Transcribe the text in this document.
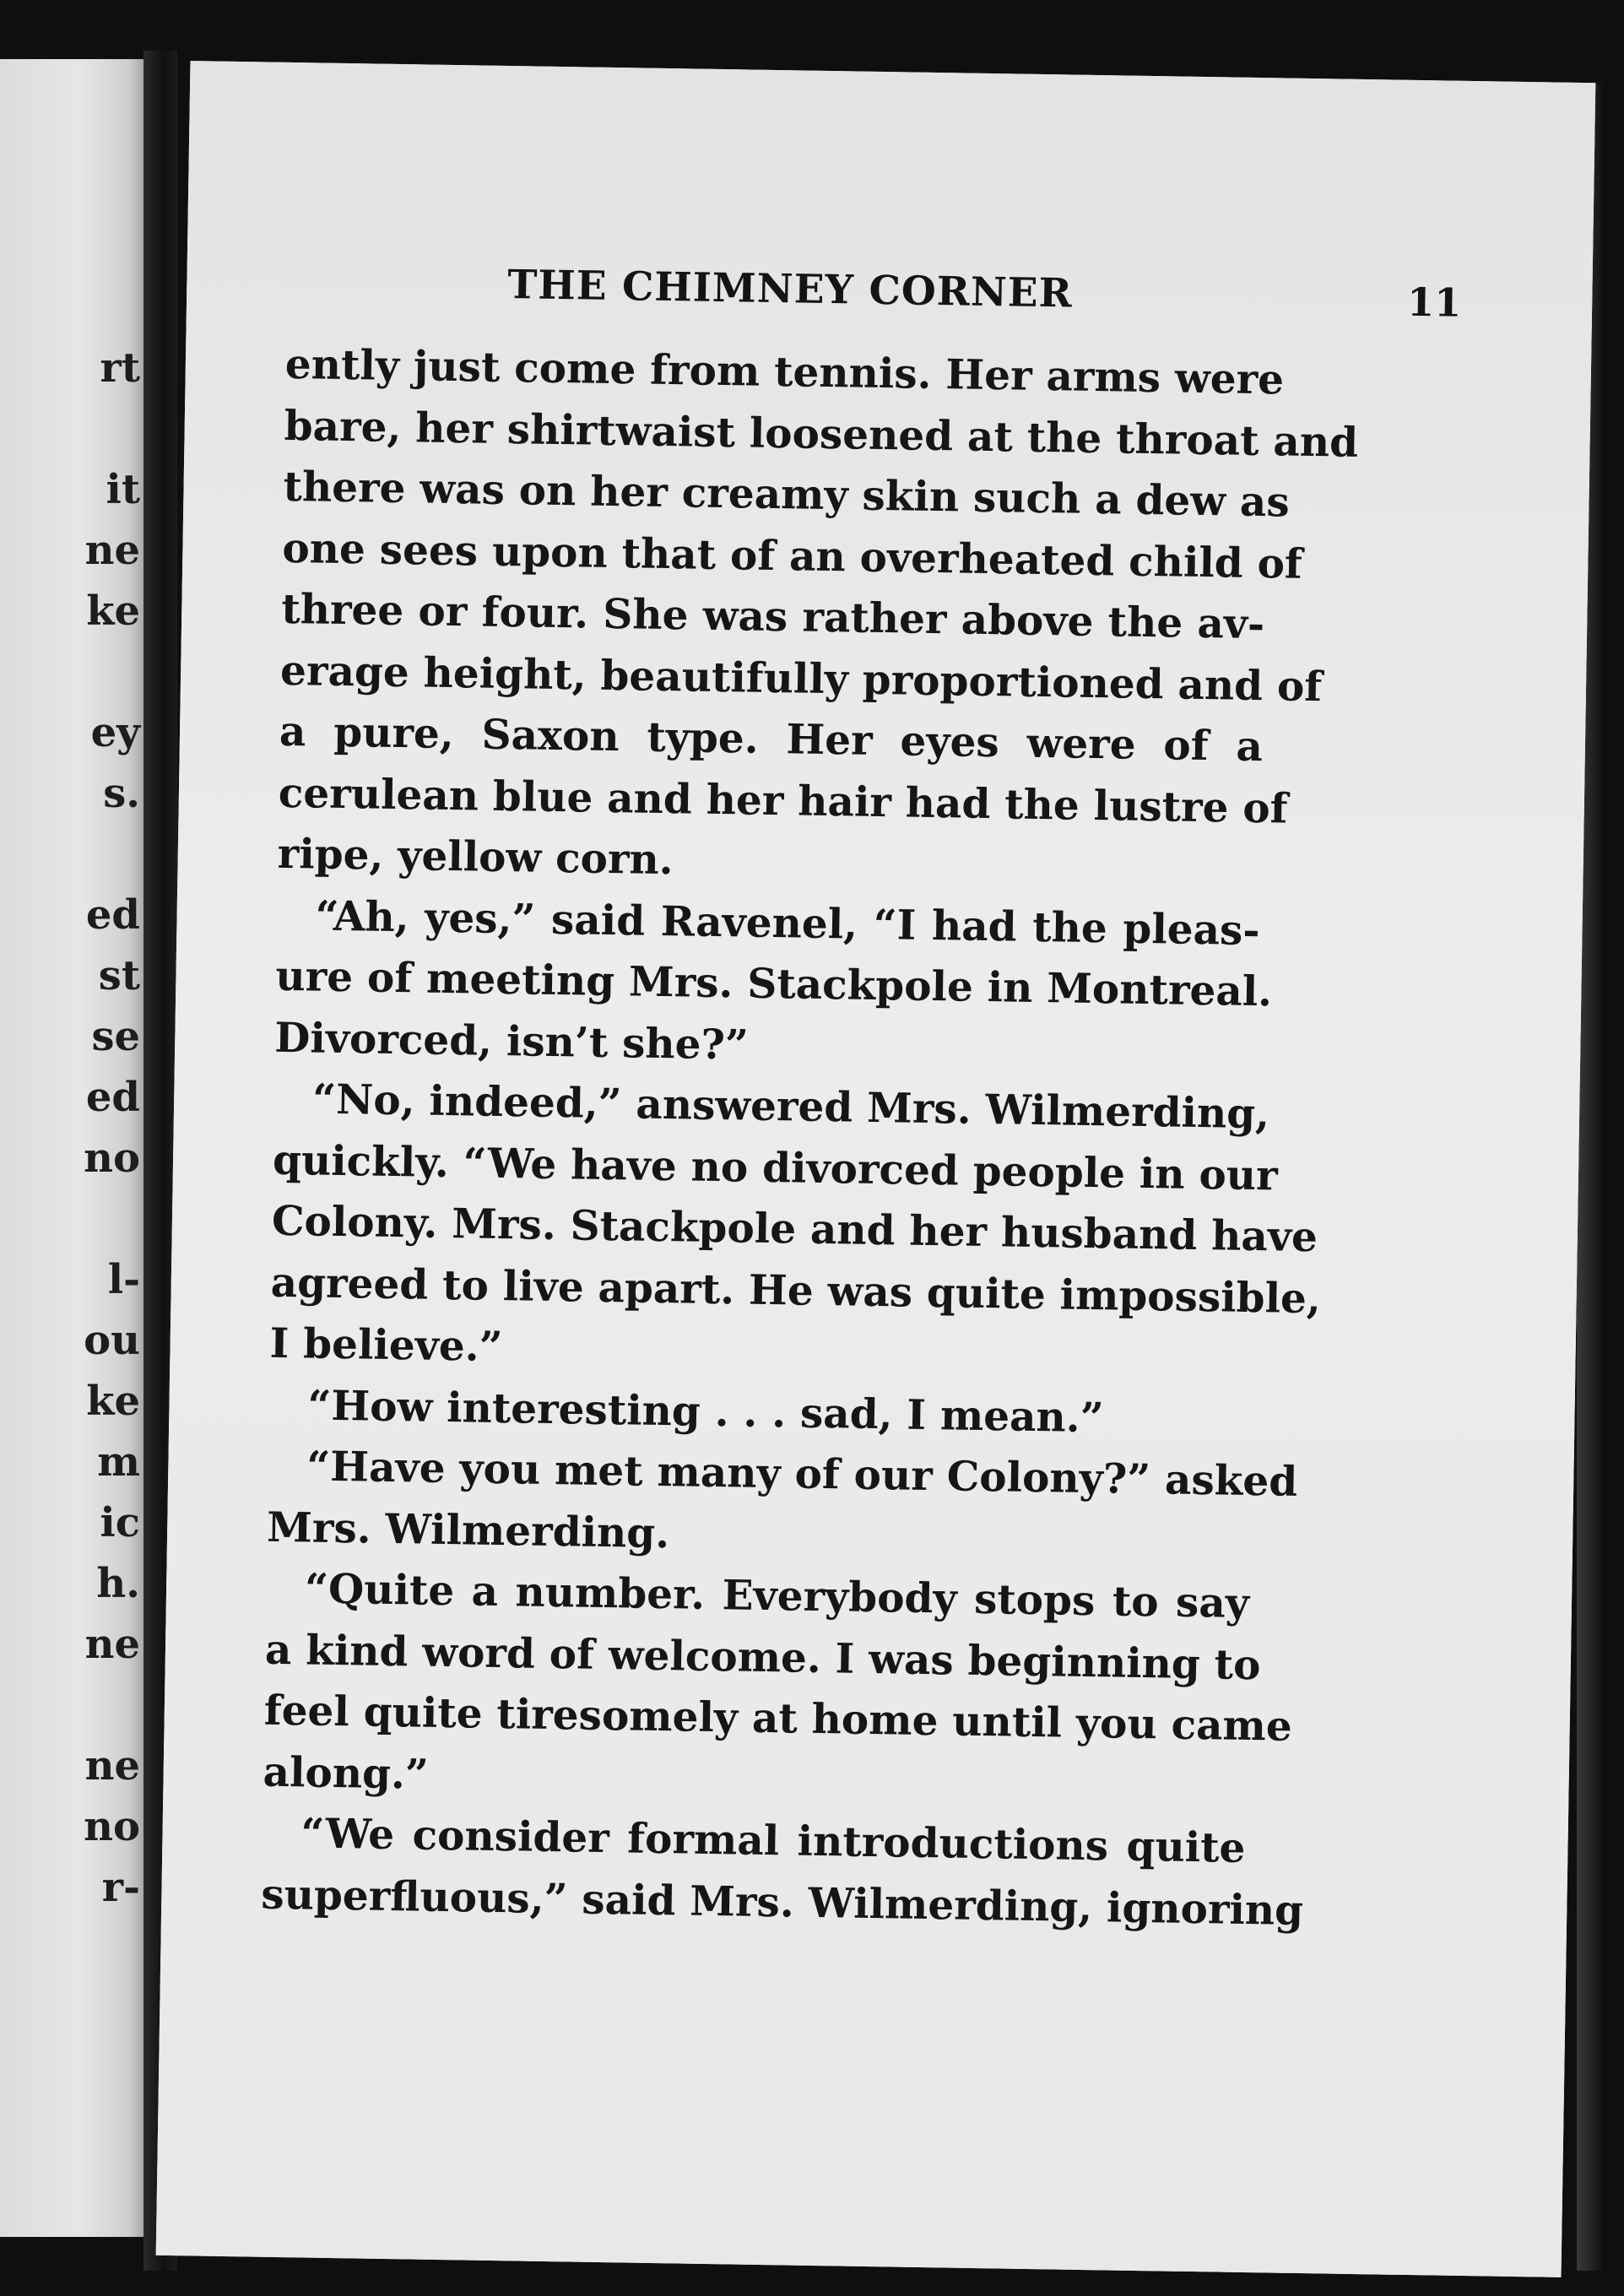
rt
it
ne
ke
ey
s.
ed
st
se
ed
no
l-
ou
ke
m
ic
h.
ne
ne
no
r-
THE CHIMNEY CORNER	11
ently just come from tennis. Her arms were
bare, her shirtwaist loosened at the throat and
there was on her creamy skin such a dew as
one sees upon that of an overheated child of
three or four. She was rather above the av-
erage height, beautifully proportioned and of
a pure, Saxon type. Her eyes were of a
cerulean blue and her hair had the lustre of
ripe, yellow corn.
“Ah, yes,” said Ravenel, “I had the pleas-
ure of meeting Mrs. Stackpole in Montreal.
Divorced, isn’t she?”
“No, indeed,” answered Mrs. Wilmerding,
quickly. “We have no divorced people in our
Colony. Mrs. Stackpole and her husband have
agreed to live apart. He was quite impossible,
I believe.”
“How interesting . . . sad, I mean.”
“Have you met many of our Colony?” asked
Mrs. Wilmerding.
“Quite a number. Everybody stops to say
a kind word of welcome. I was beginning to
feel quite tiresomely at home until you came
along.”
“We consider formal introductions quite
superfluous,” said Mrs. Wilmerding, ignoring
